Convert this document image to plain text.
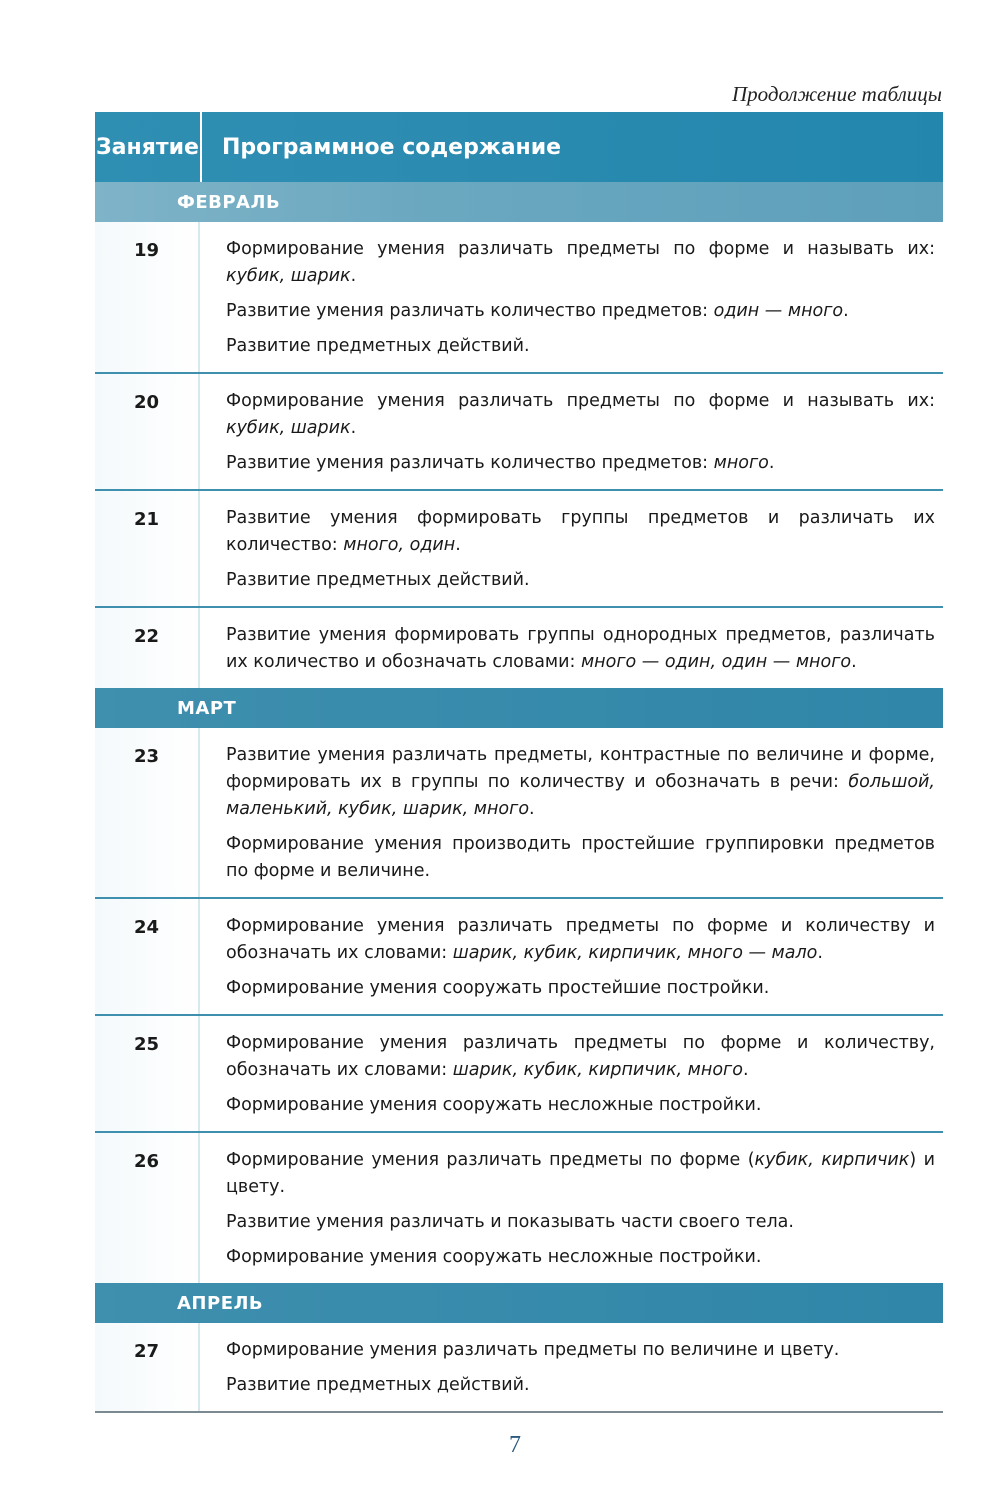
Продолжение таблицы
Занятие	Программное содержание
ФЕВРАЛЬ
19	Формирование умения различать предметы по форме и называть их: кубик, шарик.

Развитие умения различать количество предметов: один — много.

Развитие предметных действий.

20	Формирование умения различать предметы по форме и называть их: кубик, шарик.

Развитие умения различать количество предметов: много.

21	Развитие умения формировать группы предметов и различать их количество: много, один.

Развитие предметных действий.

22	Развитие умения формировать группы однородных предметов, различать их количество и обозначать словами: много — один, один — много.

МАРТ
23	Развитие умения различать предметы, контрастные по величине и форме, формировать их в группы по количеству и обозначать в речи: большой, маленький, кубик, шарик, много.

Формирование умения производить простейшие группировки предметов по форме и величине.

24	Формирование умения различать предметы по форме и количеству и обозначать их словами: шарик, кубик, кирпичик, много — мало.

Формирование умения сооружать простейшие постройки.

25	Формирование умения различать предметы по форме и количеству, обозначать их словами: шарик, кубик, кирпичик, много.

Формирование умения сооружать несложные постройки.

26	Формирование умения различать предметы по форме (кубик, кирпичик) и цвету.

Развитие умения различать и показывать части своего тела.

Формирование умения сооружать несложные постройки.

АПРЕЛЬ
27	Формирование умения различать предметы по величине и цвету.

Развитие предметных действий.

7
